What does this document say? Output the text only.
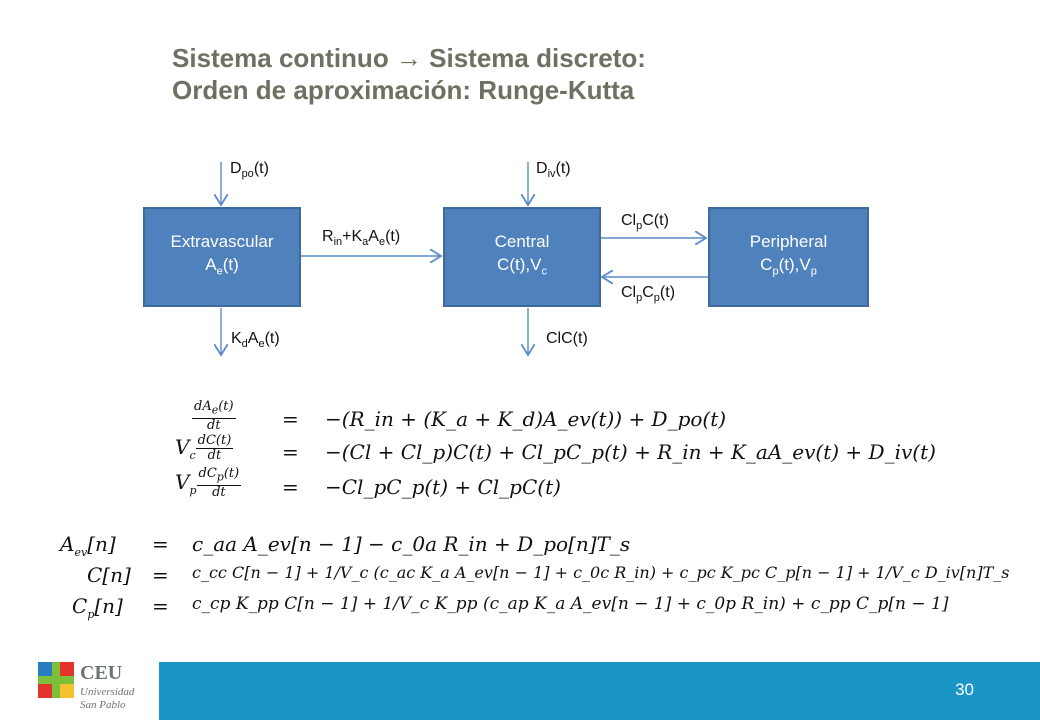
Sistema continuo → Sistema discreto:
Orden de aproximación: Runge-Kutta
Extravascular
$A_e(t)$
Central
$C(t),V_c$
Peripheral
$C_p(t),V_p$
$D_{po}(t)$	$D_{iv}(t)$
$R_{in}+K_aA_e(t)$
$Cl_pC(t)$
$Cl_pC_p(t)$
$K_dA_e(t)$	ClC(t)
$\frac{dA_e(t)}{dt}$ = −(R_in + (K_a + K_d)A_ev(t)) + D_po(t)
$V_c \frac{dC(t)}{dt} = -(Cl$ + Cl_p)C(t) + Cl_pC_p(t) + R_in + K_aA_ev(t) + D_iv(t)
$V_p \frac{dC_p(t)}{dt}$ = −Cl_pC_p(t) + Cl_pC(t)
$A_{ev}[n]$ = c_aa A_ev[n − 1] − c_0a R_in + D_po[n]T_s
C[n] = c_cc C[n − 1] + 1/V_c (c_ac K_a A_ev[n − 1] + c_0c R_in) + c_pc K_pc C_p[n − 1] + 1/V_c D_iv[n]T_s
$C_p[n]$ = c_cp K_pp C[n − 1] + 1/V_c K_pp (c_ap K_a A_ev[n − 1] + c_0p R_in) + c_pp C_p[n − 1]
CEU
Universidad
San Pablo
30
